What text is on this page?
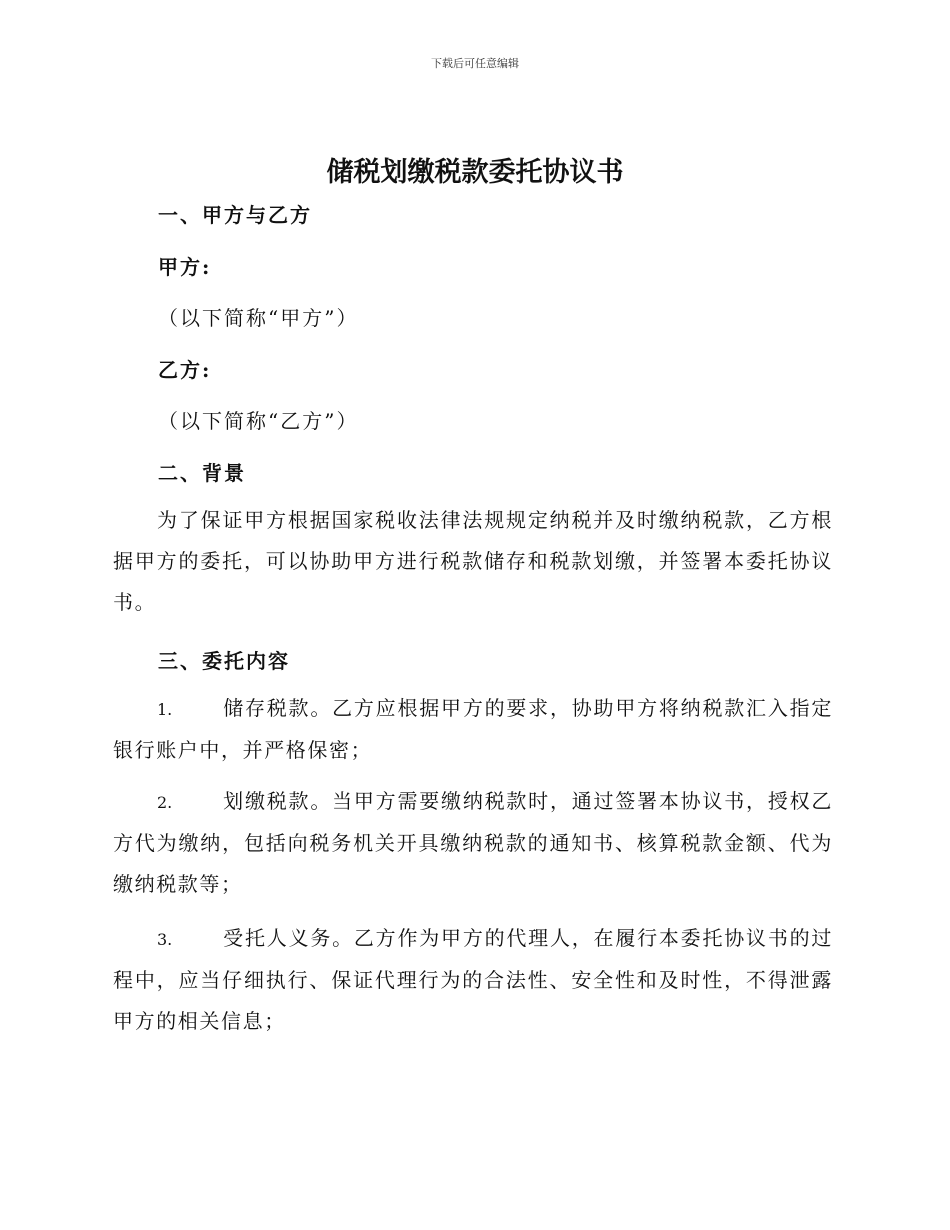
下载后可任意编辑
储税划缴税款委托协议书
一、甲方与乙方
甲方:
（以下简称“甲方”）
乙方:
（以下简称“乙方”）
二、背景
为了保证甲方根据国家税收法律法规规定纳税并及时缴纳税款，乙方根据甲方的委托，可以协助甲方进行税款储存和税款划缴，并签署本委托协议书。
三、委托内容
1.	储存税款。乙方应根据甲方的要求，协助甲方将纳税款汇入指定银行账户中，并严格保密；
2.	划缴税款。当甲方需要缴纳税款时，通过签署本协议书，授权乙方代为缴纳，包括向税务机关开具缴纳税款的通知书、核算税款金额、代为缴纳税款等；
3.	受托人义务。乙方作为甲方的代理人，在履行本委托协议书的过程中，应当仔细执行、保证代理行为的合法性、安全性和及时性，不得泄露甲方的相关信息；
